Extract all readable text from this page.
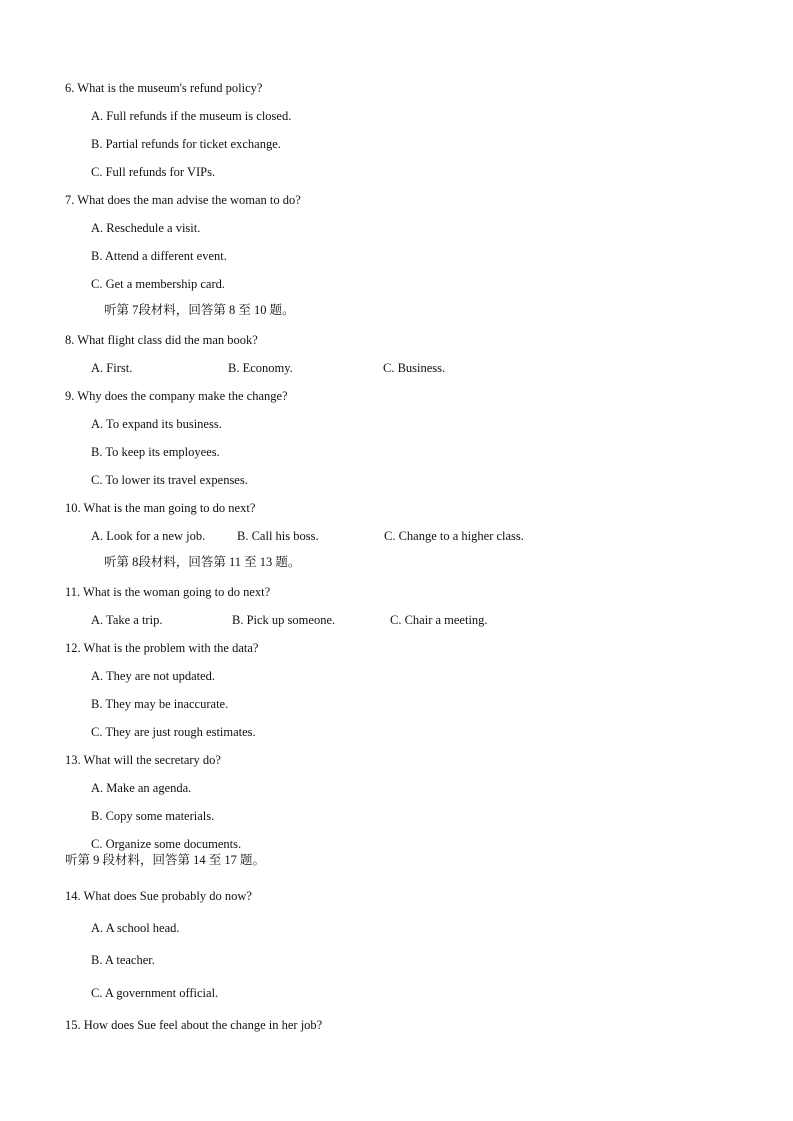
6. What is the museum's refund policy?
A. Full refunds if the museum is closed.
B. Partial refunds for ticket exchange.
C. Full refunds for VIPs.
7. What does the man advise the woman to do?
A. Reschedule a visit.
B. Attend a different event.
C. Get a membership card.
听第 7段材料，回答第 8 至 10 题。
8. What flight class did the man book?
A. First.	B. Economy.	C. Business.
9. Why does the company make the change?
A. To expand its business.
B. To keep its employees.
C. To lower its travel expenses.
10. What is the man going to do next?
A. Look for a new job.	B. Call his boss.	C. Change to a higher class.
听第 8段材料，回答第 11 至 13 题。
11. What is the woman going to do next?
A. Take a trip.	B. Pick up someone.	C. Chair a meeting.
12. What is the problem with the data?
A. They are not updated.
B. They may be inaccurate.
C. They are just rough estimates.
13. What will the secretary do?
A. Make an agenda.
B. Copy some materials.
C. Organize some documents.
听第 9 段材料，回答第 14 至 17 题。
14. What does Sue probably do now?
A. A school head.
B. A teacher.
C. A government official.
15. How does Sue feel about the change in her job?
